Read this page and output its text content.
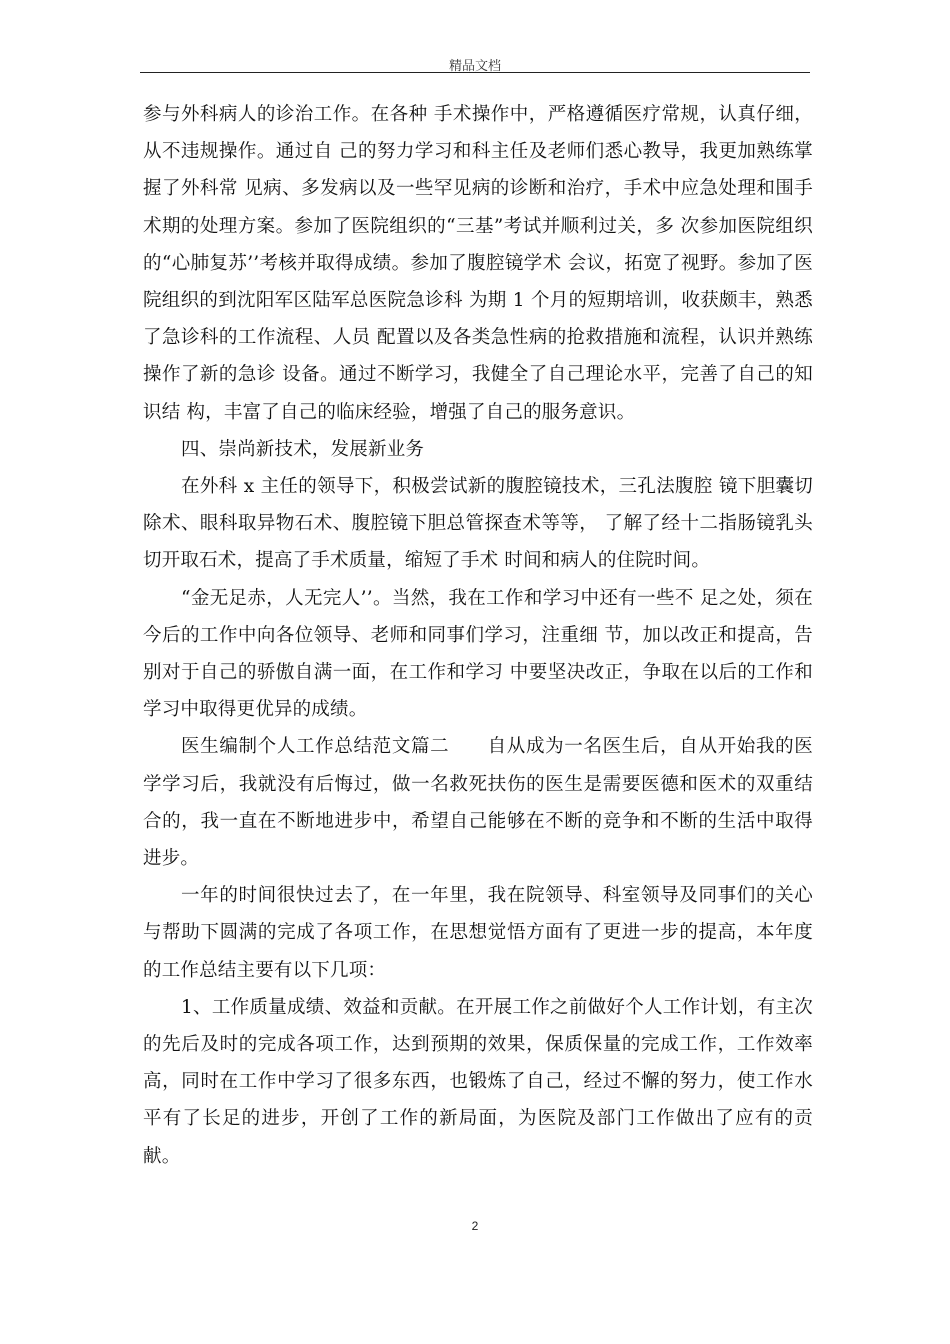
精品文档

参与外科病人的诊治工作。在各种 手术操作中，严格遵循医疗常规，认真仔细，从不违规操作。通过自 己的努力学习和科主任及老师们悉心教导，我更加熟练掌握了外科常 见病、多发病以及一些罕见病的诊断和治疗，手术中应急处理和围手 术期的处理方案。参加了医院组织的“三基”考试并顺利过关，多 次参加医院组织的“心肺复苏’’考核并取得成绩。参加了腹腔镜学术 会议，拓宽了视野。参加了医院组织的到沈阳军区陆军总医院急诊科 为期 1 个月的短期培训，收获颇丰，熟悉了急诊科的工作流程、人员 配置以及各类急性病的抢救措施和流程，认识并熟练操作了新的急诊 设备。通过不断学习，我健全了自己理论水平，完善了自己的知识结 构，丰富了自己的临床经验，增强了自己的服务意识。

四、崇尚新技术，发展新业务

在外科 x 主任的领导下，积极尝试新的腹腔镜技术，三孔法腹腔 镜下胆囊切除术、眼科取异物石术、腹腔镜下胆总管探查术等等， 了解了经十二指肠镜乳头切开取石术，提高了手术质量，缩短了手术 时间和病人的住院时间。

“金无足赤，人无完人’’。当然，我在工作和学习中还有一些不 足之处，须在今后的工作中向各位领导、老师和同事们学习，注重细 节，加以改正和提高，告别对于自己的骄傲自满一面，在工作和学习 中要坚决改正，争取在以后的工作和学习中取得更优异的成绩。

医生编制个人工作总结范文篇二　　自从成为一名医生后，自从开始我的医学学习后，我就没有后悔过，做一名救死扶伤的医生是需要医德和医术的双重结合的，我一直在不断地进步中，希望自己能够在不断的竞争和不断的生活中取得进步。

一年的时间很快过去了，在一年里，我在院领导、科室领导及同事们的关心与帮助下圆满的完成了各项工作，在思想觉悟方面有了更进一步的提高，本年度的工作总结主要有以下几项：

1、工作质量成绩、效益和贡献。在开展工作之前做好个人工作计划，有主次的先后及时的完成各项工作，达到预期的效果，保质保量的完成工作，工作效率高，同时在工作中学习了很多东西，也锻炼了自己，经过不懈的努力，使工作水平有了长足的进步，开创了工作的新局面，为医院及部门工作做出了应有的贡献。

2
